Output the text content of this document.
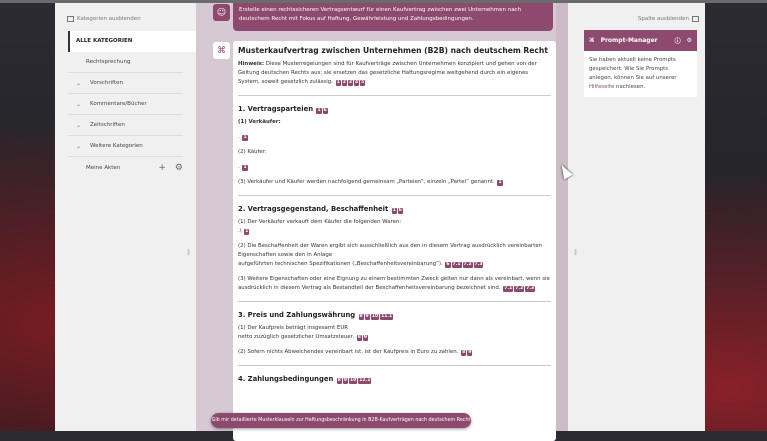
Kategorien ausblenden
ALLE KATEGORIEN
Rechtsprechung
⌄ Vorschriften
⌄ Kommentare/Bücher
⌄ Zeitschriften
⌄ Weitere Kategorien
Meine Akten	+ ⚙
‖
☺	Erstelle einen rechtssicheren Vertragsentwurf für einen Kaufvertrag zwischen zwei Unternehmen nach deutschem Recht mit Fokus auf Haftung, Gewährleistung und Zahlungsbedingungen.
⌘	Musterkaufvertrag zwischen Unternehmen (B2B) nach deutschem Recht

Hinweis: Diese Musterregelungen sind für Kaufverträge zwischen Unternehmen konzipiert und gehen von der Geltung deutschen Rechts aus; sie ersetzen das gesetzliche Haftungsregime weitgehend durch ein eigenes System, soweit gesetzlich zulässig. 1 2 3 4 5

1. Vertragsparteien 1 6

(1) Verkäufer:

. 1

(2) Käufer:

. 1

(3) Verkäufer und Käufer werden nachfolgend gemeinsam „Parteien“, einzeln „Partei“ genannt. 1

2. Vertragsgegenstand, Beschaffenheit 1 6

(1) Der Verkäufer verkauft dem Käufer die folgenden Waren:
.\ 1

(2) Die Beschaffenheit der Waren ergibt sich ausschließlich aus den in diesem Vertrag ausdrücklich vereinbarten Eigenschaften sowie den in Anlage
aufgeführten technischen Spezifikationen („Beschaffenheitsvereinbarung“). 6 7.1 7.2 7.3

(3) Weitere Eigenschaften oder eine Eignung zu einem bestimmten Zweck gelten nur dann als vereinbart, wenn sie ausdrücklich in diesem Vertrag als Bestandteil der Beschaffenheitsvereinbarung bezeichnet sind. 7.1 7.2 7.3

3. Preis und Zahlungswährung 8 9 10 11.1

(1) Der Kaufpreis beträgt insgesamt EUR
netto zuzüglich gesetzlicher Umsatzsteuer. 8 9

(2) Sofern nichts Abweichendes vereinbart ist, ist der Kaufpreis in Euro zu zahlen. 8 9

4. Zahlungsbedingungen 8 9 10 12.1
Gib mir detaillierte Musterklauseln zur Haftungsbeschränkung in B2B-Kaufverträgen nach deutschem Recht
‖
Spalte ausblenden
⌘ Prompt-Manager	ⓘ ⚙
Sie haben aktuell keine Prompts gespeichert. Wie Sie Prompts anlegen, können Sie auf unserer Hilfeseite nachlesen.
